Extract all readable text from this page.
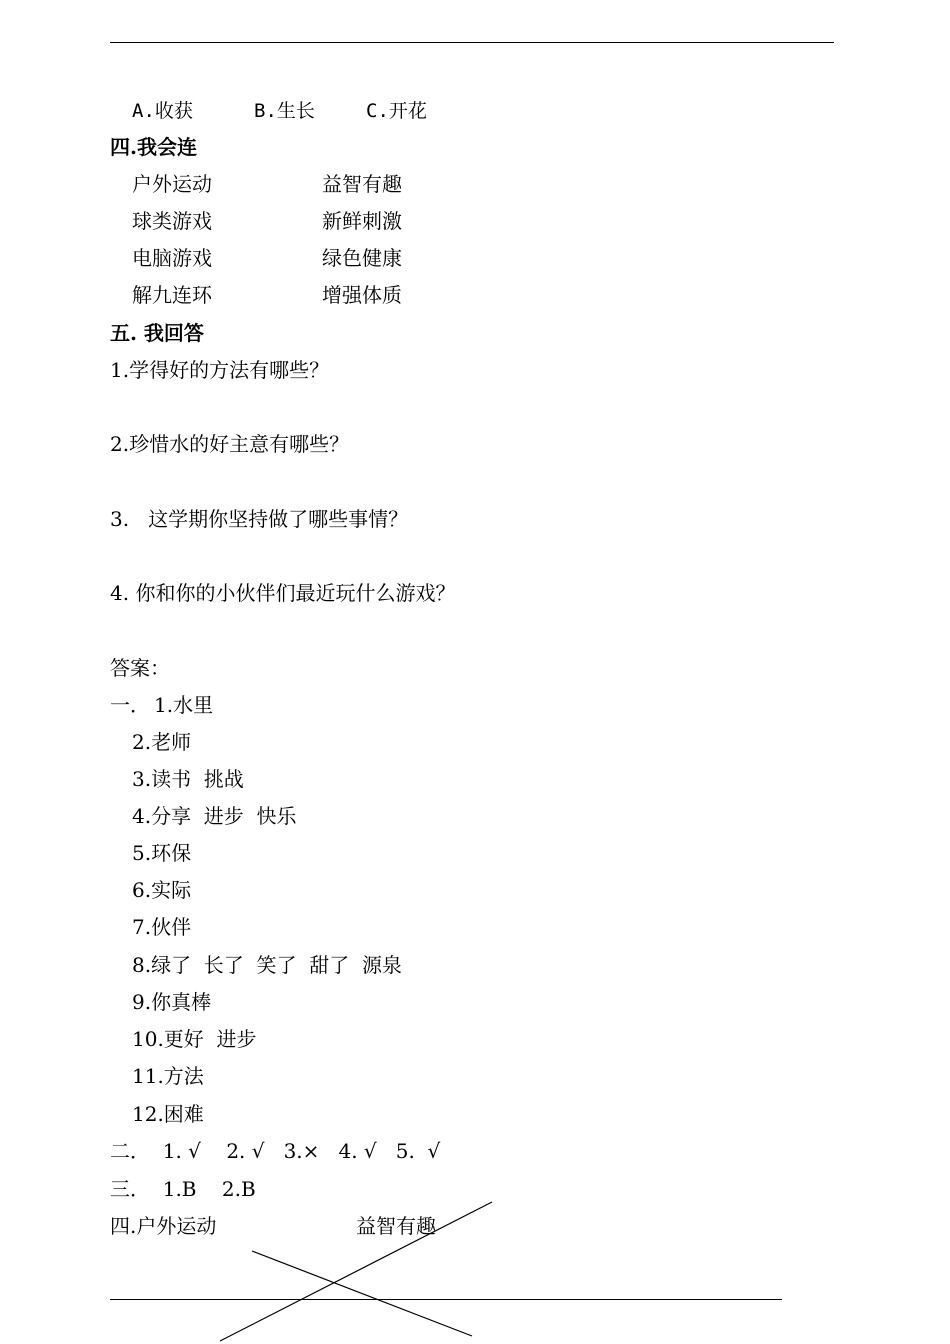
A.收获	B.生长	C.开花
四.我会连
户外运动	益智有趣
球类游戏	新鲜刺激
电脑游戏	绿色健康
解九连环	增强体质
五. 我回答
1.学得好的方法有哪些？
2.珍惜水的好主意有哪些？
3.   这学期你坚持做了哪些事情？
4. 你和你的小伙伴们最近玩什么游戏？
答案：
一． 1.水里
2.老师
3.读书  挑战
4.分享  进步  快乐
5.环保
6.实际
7.伙伴
8.绿了  长了  笑了  甜了  源泉
9.你真棒
10.更好  进步
11.方法
12.困难
二．  1. √    2. √   3.×   4. √   5.  √
三．  1.B    2.B
四.户外运动	益智有趣
